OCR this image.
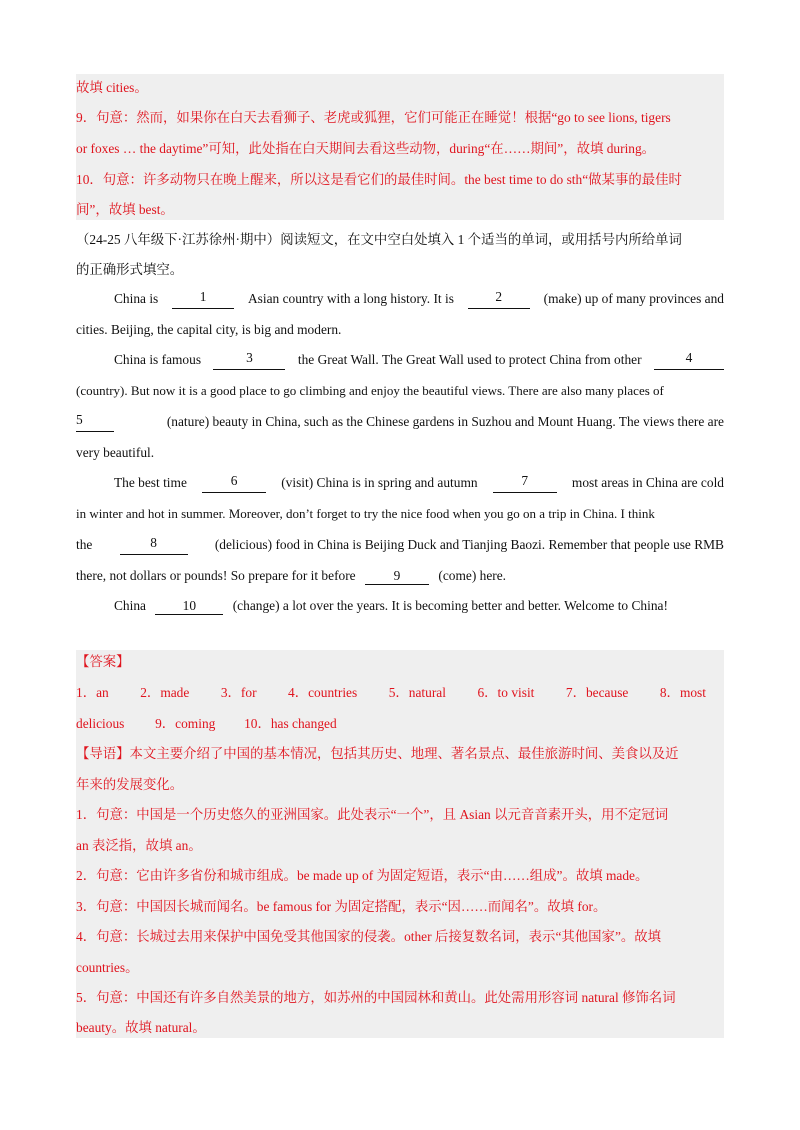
故填 cities。
9．句意：然而，如果你在白天去看狮子、老虎或狐狸，它们可能正在睡觉！根据“go to see lions, tigers
or foxes … the daytime”可知，此处指在白天期间去看这些动物，during“在……期间”，故填 during。
10．句意：许多动物只在晚上醒来，所以这是看它们的最佳时间。the best time to do sth“做某事的最佳时
间”，故填 best。
（24-25 八年级下·江苏徐州·期中）阅读短文，在文中空白处填入 1 个适当的单词，或用括号内所给单词
的正确形式填空。
China is	1	Asian country with a long history. It is	2	(make) up of many provinces and
cities. Beijing, the capital city, is big and modern.
China is famous	3	the Great Wall. The Great Wall used to protect China from other	4
(country). But now it is a good place to go climbing and enjoy the beautiful views. There are also many places of
5	(nature) beauty in China, such as the Chinese gardens in Suzhou and Mount Huang. The views there are
very beautiful.
The best time	6	(visit) China is in spring and autumn	7	most areas in China are cold
in winter and hot in summer. Moreover, don’t forget to try the nice food when you go on a trip in China. I think
the	8	(delicious) food in China is Beijing Duck and Tianjing Baozi. Remember that people use RMB
there, not dollars or pounds! So prepare for it before	9	(come) here.
China	10	(change) a lot over the years. It is becoming better and better. Welcome to China!
【答案】
1．an 2．made 3．for 4．countries 5．natural 6．to visit 7．because 8．most
delicious 9．coming 10．has changed
【导语】本文主要介绍了中国的基本情况，包括其历史、地理、著名景点、最佳旅游时间、美食以及近
年来的发展变化。
1．句意：中国是一个历史悠久的亚洲国家。此处表示“一个”，且 Asian 以元音音素开头，用不定冠词
an 表泛指，故填 an。
2．句意：它由许多省份和城市组成。be made up of 为固定短语，表示“由……组成”。故填 made。
3．句意：中国因长城而闻名。be famous for 为固定搭配，表示“因……而闻名”。故填 for。
4．句意：长城过去用来保护中国免受其他国家的侵袭。other 后接复数名词，表示“其他国家”。故填
countries。
5．句意：中国还有许多自然美景的地方，如苏州的中国园林和黄山。此处需用形容词 natural 修饰名词
beauty。故填 natural。
